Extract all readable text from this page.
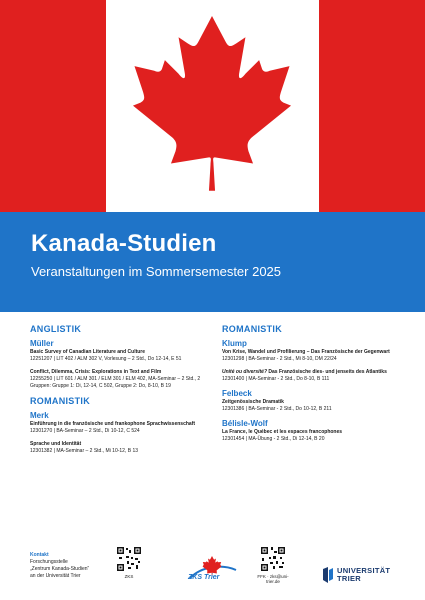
Kanada-Studien
Veranstaltungen im Sommersemester 2025
ANGLISTIK
Müller
Basic Survey of Canadian Literature and Culture
12251207 | LIT 402 / ALM 302 V, Vorlesung – 2 Std., Do 12-14, E 51
Conflict, Dilemma, Crisis: Explorations in Text and Film
12255250 | LIT 601 / ALM 301 / ELM 301 / ELM 402, MA-Seminar – 2 Std., 2 Gruppen: Gruppe 1: Di, 12-14, C 502, Gruppe 2: Do, 8-10, B 19
ROMANISTIK
Merk
Einführung in die französische und frankophone Sprachwissenschaft
12301270 | BA-Seminar – 2 Std., Di 10-12, C 524
Sprache und Identität
12301382 | MA-Seminar – 2 Std., Mi 10-12, B 13
ROMANISTIK
Klump
Von Krise, Wandel und Profilierung – Das Französische der Gegenwart
12301298 | BA-Seminar - 2 Std., Mi 8-10, DM 22/24
Unité ou diversité? Das Französische dies- und jenseits des Atlantiks
12301400 | MA-Seminar - 2 Std., Do 8-10, B 111
Felbeck
Zeitgenössische Dramatik
12301386 | BA-Seminar - 2 Std., Do 10-12, B 211
Bélisle-Wolf
La France, le Québec et les espaces francophones
12301454 | MA-Übung - 2 Std., Di 12-14, B 20
Kontakt
Forschungsstelle
„Zentrum Kanada-Studien“
an der Universität Trier	ZKS	ZKS Trier	FFK · zks@uni-trier.de
UNIVERSITÄT
TRIER
